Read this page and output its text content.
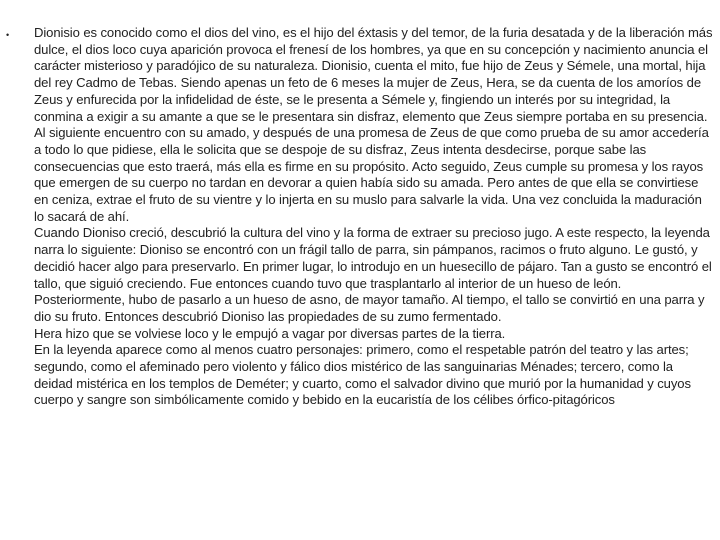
• Dionisio es conocido como el dios del vino, es el hijo del éxtasis y del temor, de la furia desatada y de la liberación más dulce, el dios loco cuya aparición provoca el frenesí de los hombres, ya que en su concepción y nacimiento anuncia el carácter misterioso y paradójico de su naturaleza. Dionisio, cuenta el mito, fue hijo de Zeus y Sémele, una mortal, hija del rey Cadmo de Tebas. Siendo apenas un feto de 6 meses la mujer de Zeus, Hera, se da cuenta de los amoríos de Zeus y enfurecida por la infidelidad de éste, se le presenta a Sémele y, fingiendo un interés por su integridad, la conmina a exigir a su amante a que se le presentara sin disfraz, elemento que Zeus siempre portaba en su presencia. Al siguiente encuentro con su amado, y después de una promesa de Zeus de que como prueba de su amor accedería a todo lo que pidiese, ella le solicita que se despoje de su disfraz, Zeus intenta desdecirse, porque sabe las consecuencias que esto traerá, más ella es firme en su propósito. Acto seguido, Zeus cumple su promesa y los rayos que emergen de su cuerpo no tardan en devorar a quien había sido su amada. Pero antes de que ella se convirtiese en ceniza, extrae el fruto de su vientre y lo injerta en su muslo para salvarle la vida. Una vez concluida la maduración lo sacará de ahí.

Cuando Dioniso creció, descubrió la cultura del vino y la forma de extraer su precioso jugo. A este respecto, la leyenda narra lo siguiente: Dioniso se encontró con un frágil tallo de parra, sin pámpanos, racimos o fruto alguno. Le gustó, y decidió hacer algo para preservarlo. En primer lugar, lo introdujo en un huesecillo de pájaro. Tan a gusto se encontró el tallo, que siguió creciendo. Fue entonces cuando tuvo que trasplantarlo al interior de un hueso de león. Posteriormente, hubo de pasarlo a un hueso de asno, de mayor tamaño. Al tiempo, el tallo se convirtió en una parra y dio su fruto. Entonces descubrió Dioniso las propiedades de su zumo fermentado.

Hera hizo que se volviese loco y le empujó a vagar por diversas partes de la tierra.

En la leyenda aparece como al menos cuatro personajes: primero, como el respetable patrón del teatro y las artes; segundo, como el afeminado pero violento y fálico dios mistérico de las sanguinarias Ménades; tercero, como la deidad mistérica en los templos de Deméter; y cuarto, como el salvador divino que murió por la humanidad y cuyos cuerpo y sangre son simbólicamente comido y bebido en la eucaristía de los célibes órfico-pitagóricos
